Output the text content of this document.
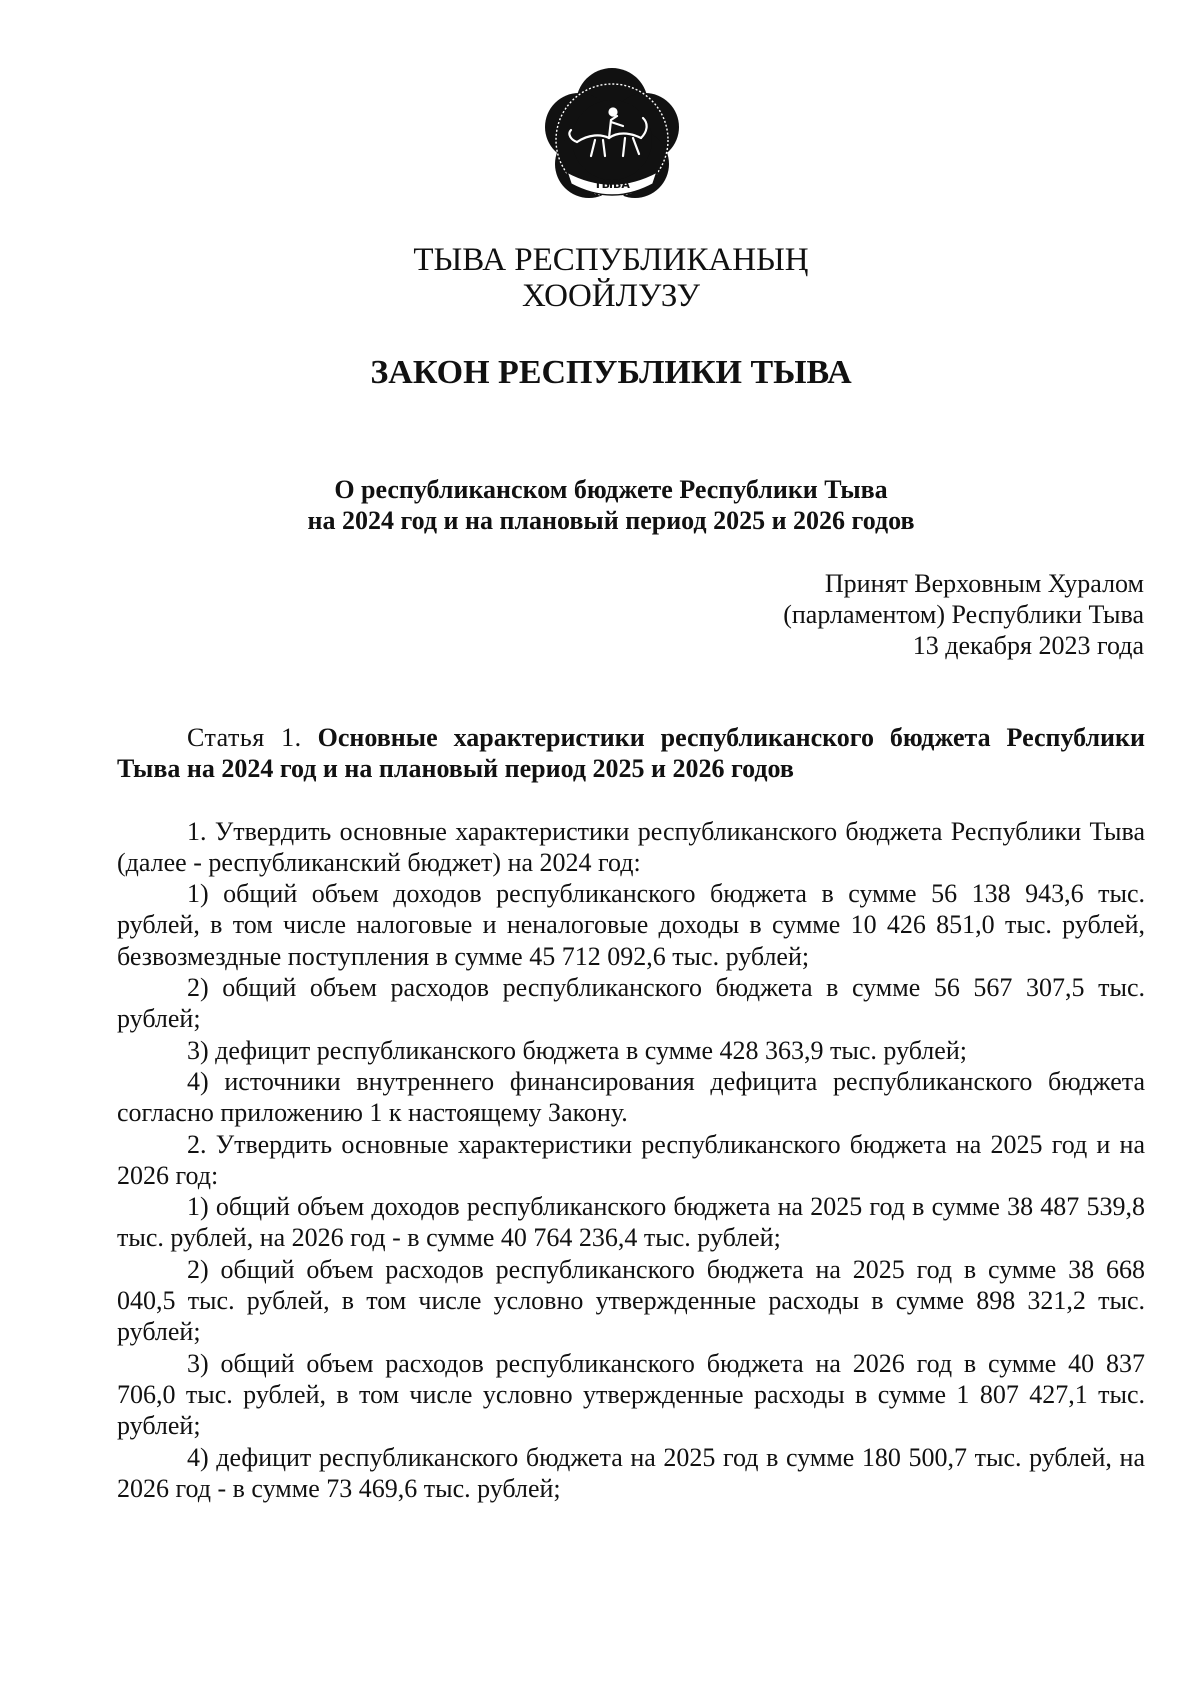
ТЫВА
ТЫВА РЕСПУБЛИКАНЫҢ
ХООЙЛУЗУ
ЗАКОН РЕСПУБЛИКИ ТЫВА
О республиканском бюджете Республики Тыва
на 2024 год и на плановый период 2025 и 2026 годов
Принят Верховным Хуралом
(парламентом) Республики Тыва
13 декабря 2023 года

Статья 1. Основные характеристики республиканского бюджета Республики Тыва на 2024 год и на плановый период 2025 и 2026 годов

1. Утвердить основные характеристики республиканского бюджета Республики Тыва (далее - республиканский бюджет) на 2024 год:

1) общий объем доходов республиканского бюджета в сумме 56 138 943,6 тыс. рублей, в том числе налоговые и неналоговые доходы в сумме 10 426 851,0 тыс. рублей, безвозмездные поступления в сумме 45 712 092,6 тыс. рублей;

2) общий объем расходов республиканского бюджета в сумме 56 567 307,5 тыс. рублей;

3) дефицит республиканского бюджета в сумме 428 363,9 тыс. рублей;

4) источники внутреннего финансирования дефицита республиканского бюджета согласно приложению 1 к настоящему Закону.

2. Утвердить основные характеристики республиканского бюджета на 2025 год и на 2026 год:

1) общий объем доходов республиканского бюджета на 2025 год в сумме 38 487 539,8 тыс. рублей, на 2026 год - в сумме 40 764 236,4 тыс. рублей;

2) общий объем расходов республиканского бюджета на 2025 год в сумме 38 668 040,5 тыс. рублей, в том числе условно утвержденные расходы в сумме 898 321,2 тыс. рублей;

3) общий объем расходов республиканского бюджета на 2026 год в сумме 40 837 706,0 тыс. рублей, в том числе условно утвержденные расходы в сумме 1 807 427,1 тыс. рублей;

4) дефицит республиканского бюджета на 2025 год в сумме 180 500,7 тыс. рублей, на 2026 год - в сумме 73 469,6 тыс. рублей;
